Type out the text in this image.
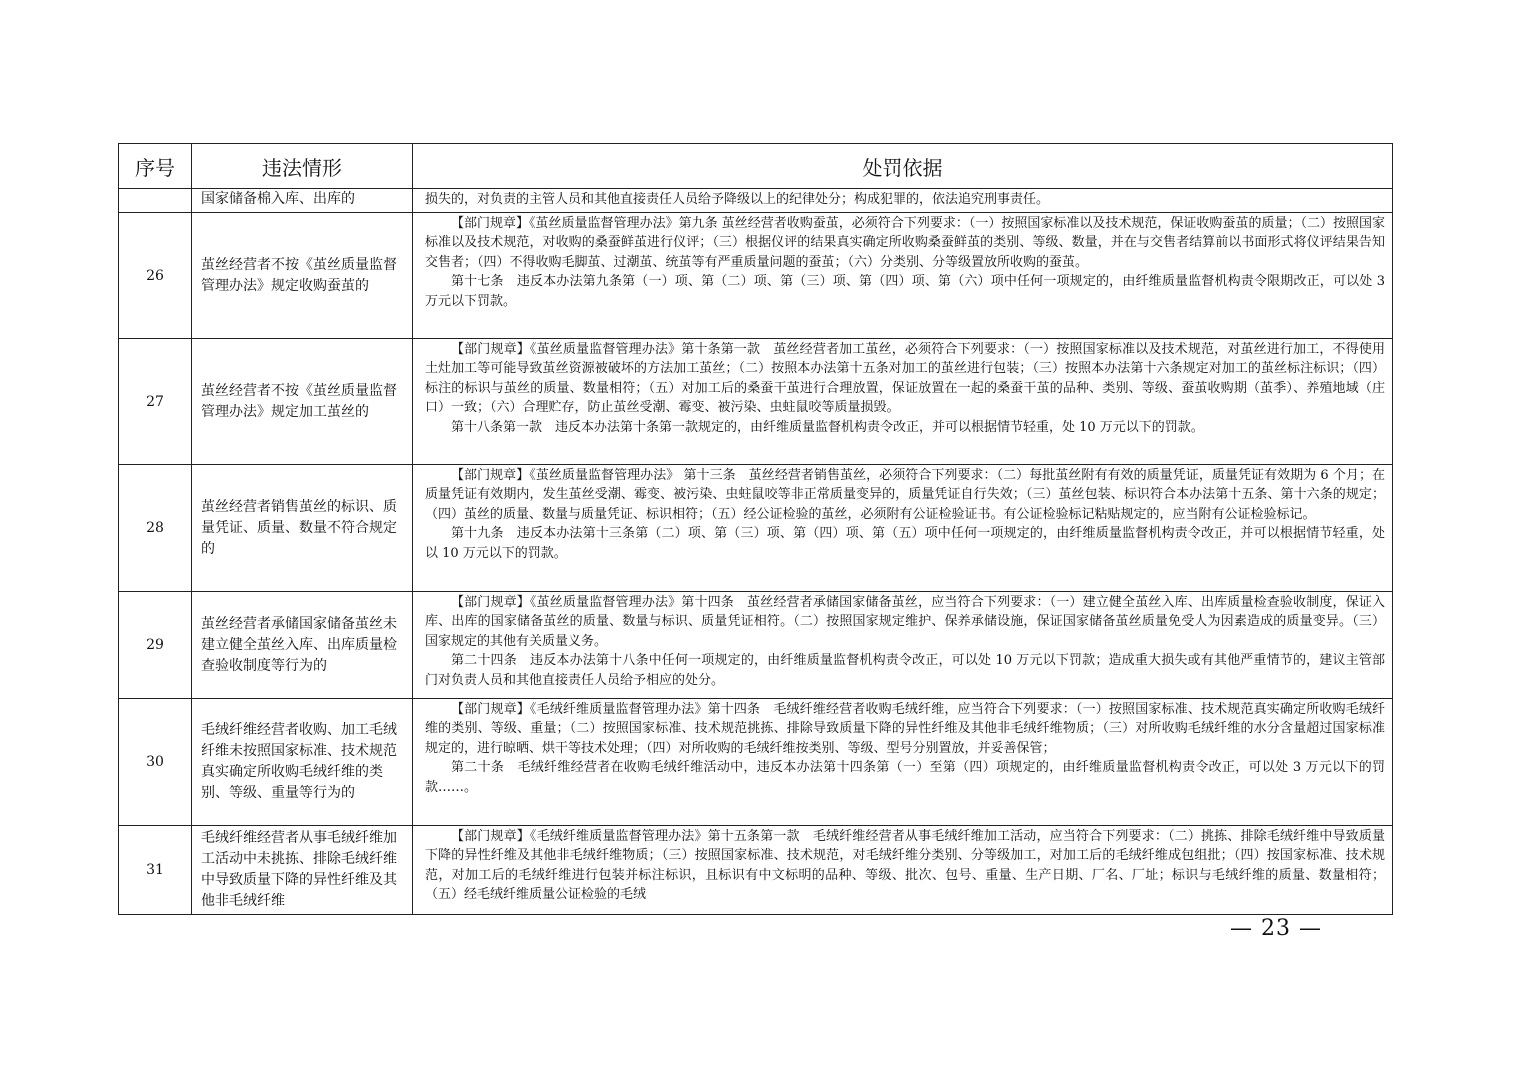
序号	违法情形	处罚依据
	国家储备棉入库、出库的	损失的，对负责的主管人员和其他直接责任人员给予降级以上的纪律处分；构成犯罪的，依法追究刑事责任。

26	茧丝经营者不按《茧丝质量监督管理办法》规定收购蚕茧的	【部门规章】《茧丝质量监督管理办法》第九条 茧丝经营者收购蚕茧，必须符合下列要求：（一）按照国家标准以及技术规范，保证收购蚕茧的质量；（二）按照国家标准以及技术规范，对收购的桑蚕鲜茧进行仪评；（三）根据仪评的结果真实确定所收购桑蚕鲜茧的类别、等级、数量，并在与交售者结算前以书面形式将仪评结果告知交售者；（四）不得收购毛脚茧、过潮茧、统茧等有严重质量问题的蚕茧；（六）分类别、分等级置放所收购的蚕茧。

第十七条　违反本办法第九条第（一）项、第（二）项、第（三）项、第（四）项、第（六）项中任何一项规定的，由纤维质量监督机构责令限期改正，可以处 3 万元以下罚款。

27	茧丝经营者不按《茧丝质量监督管理办法》规定加工茧丝的	【部门规章】《茧丝质量监督管理办法》第十条第一款　茧丝经营者加工茧丝，必须符合下列要求：（一）按照国家标准以及技术规范，对茧丝进行加工，不得使用土灶加工等可能导致茧丝资源被破坏的方法加工茧丝；（二）按照本办法第十五条对加工的茧丝进行包装；（三）按照本办法第十六条规定对加工的茧丝标注标识；（四）标注的标识与茧丝的质量、数量相符；（五）对加工后的桑蚕干茧进行合理放置，保证放置在一起的桑蚕干茧的品种、类别、等级、蚕茧收购期（茧季）、养殖地域（庄口）一致；（六）合理贮存，防止茧丝受潮、霉变、被污染、虫蛀鼠咬等质量损毁。

第十八条第一款　违反本办法第十条第一款规定的，由纤维质量监督机构责令改正，并可以根据情节轻重，处 10 万元以下的罚款。

28	茧丝经营者销售茧丝的标识、质量凭证、质量、数量不符合规定的	【部门规章】《茧丝质量监督管理办法》 第十三条　茧丝经营者销售茧丝，必须符合下列要求：（二）每批茧丝附有有效的质量凭证，质量凭证有效期为 6 个月；在质量凭证有效期内，发生茧丝受潮、霉变、被污染、虫蛀鼠咬等非正常质量变异的，质量凭证自行失效；（三）茧丝包装、标识符合本办法第十五条、第十六条的规定；（四）茧丝的质量、数量与质量凭证、标识相符；（五）经公证检验的茧丝，必须附有公证检验证书。有公证检验标记粘贴规定的，应当附有公证检验标记。

第十九条　违反本办法第十三条第（二）项、第（三）项、第（四）项、第（五）项中任何一项规定的，由纤维质量监督机构责令改正，并可以根据情节轻重，处以 10 万元以下的罚款。

29	茧丝经营者承储国家储备茧丝未建立健全茧丝入库、出库质量检查验收制度等行为的	【部门规章】《茧丝质量监督管理办法》第十四条　茧丝经营者承储国家储备茧丝，应当符合下列要求：（一）建立健全茧丝入库、出库质量检查验收制度，保证入库、出库的国家储备茧丝的质量、数量与标识、质量凭证相符。（二）按照国家规定维护、保养承储设施，保证国家储备茧丝质量免受人为因素造成的质量变异。（三）国家规定的其他有关质量义务。

第二十四条　违反本办法第十八条中任何一项规定的，由纤维质量监督机构责令改正，可以处 10 万元以下罚款；造成重大损失或有其他严重情节的，建议主管部门对负责人员和其他直接责任人员给予相应的处分。

30	毛绒纤维经营者收购、加工毛绒纤维未按照国家标准、技术规范真实确定所收购毛绒纤维的类别、等级、重量等行为的	【部门规章】《毛绒纤维质量监督管理办法》第十四条　毛绒纤维经营者收购毛绒纤维，应当符合下列要求：（一）按照国家标准、技术规范真实确定所收购毛绒纤维的类别、等级、重量；（二）按照国家标准、技术规范挑拣、排除导致质量下降的异性纤维及其他非毛绒纤维物质；（三）对所收购毛绒纤维的水分含量超过国家标准规定的，进行晾晒、烘干等技术处理；（四）对所收购的毛绒纤维按类别、等级、型号分别置放，并妥善保管；

第二十条　毛绒纤维经营者在收购毛绒纤维活动中，违反本办法第十四条第（一）至第（四）项规定的，由纤维质量监督机构责令改正，可以处 3 万元以下的罚款……。

31	毛绒纤维经营者从事毛绒纤维加工活动中未挑拣、排除毛绒纤维中导致质量下降的异性纤维及其他非毛绒纤维	【部门规章】《毛绒纤维质量监督管理办法》第十五条第一款　毛绒纤维经营者从事毛绒纤维加工活动，应当符合下列要求：（二）挑拣、排除毛绒纤维中导致质量下降的异性纤维及其他非毛绒纤维物质；（三）按照国家标准、技术规范，对毛绒纤维分类别、分等级加工，对加工后的毛绒纤维成包组批；（四）按国家标准、技术规范，对加工后的毛绒纤维进行包装并标注标识，且标识有中文标明的品种、等级、批次、包号、重量、生产日期、厂名、厂址；标识与毛绒纤维的质量、数量相符；（五）经毛绒纤维质量公证检验的毛绒

— 23 —
